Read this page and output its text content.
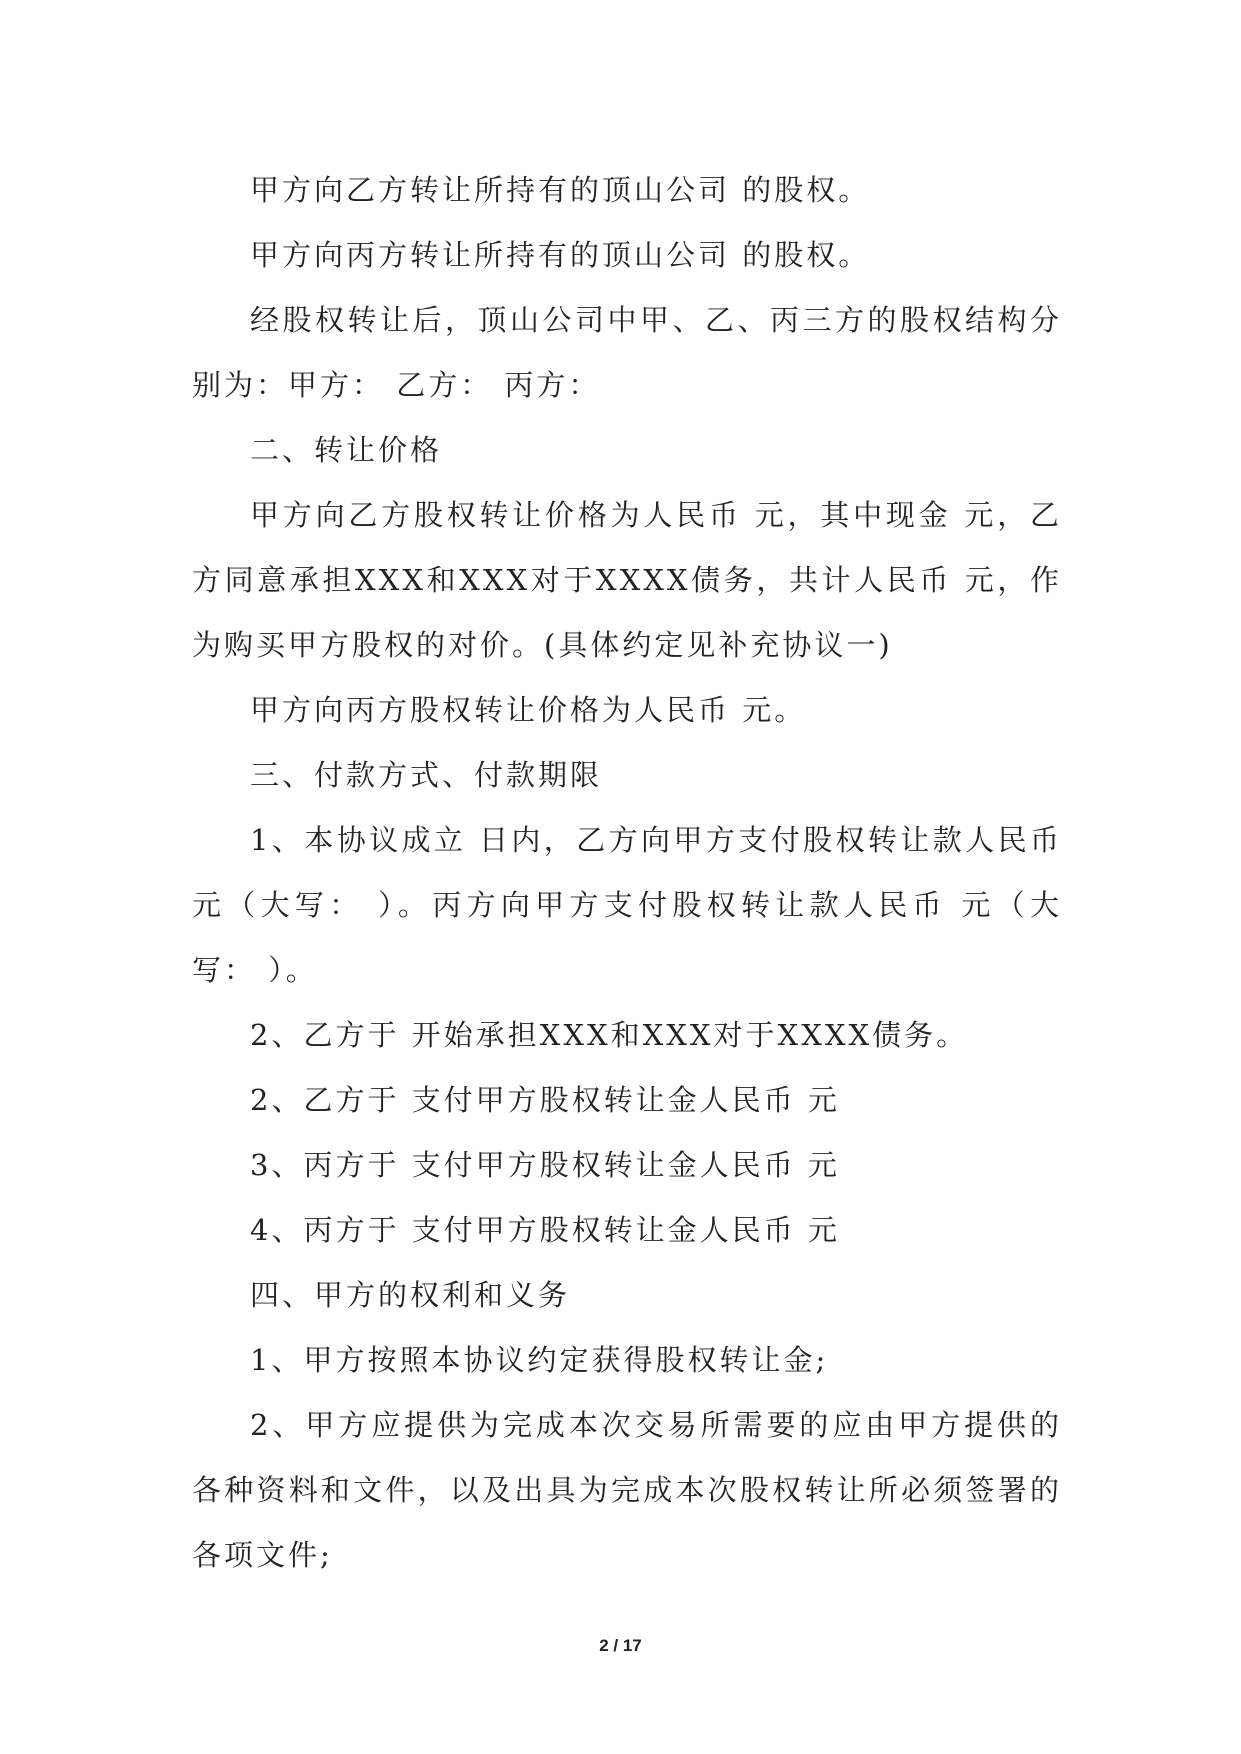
甲方向乙方转让所持有的顶山公司 的股权。

甲方向丙方转让所持有的顶山公司 的股权。

经股权转让后，顶山公司中甲、乙、丙三方的股权结构分别为：甲方： 乙方： 丙方：

二、转让价格

甲方向乙方股权转让价格为人民币 元，其中现金 元，乙方同意承担XXX和XXX对于XXXX债务，共计人民币 元，作为购买甲方股权的对价。(具体约定见补充协议一)

甲方向丙方股权转让价格为人民币 元。

三、付款方式、付款期限

1、本协议成立 日内，乙方向甲方支付股权转让款人民币 元（大写： ）。丙方向甲方支付股权转让款人民币 元（大写： ）。

2、乙方于 开始承担XXX和XXX对于XXXX债务。

2、乙方于 支付甲方股权转让金人民币 元

3、丙方于 支付甲方股权转让金人民币 元

4、丙方于 支付甲方股权转让金人民币 元

四、甲方的权利和义务

1、甲方按照本协议约定获得股权转让金;

2、甲方应提供为完成本次交易所需要的应由甲方提供的各种资料和文件，以及出具为完成本次股权转让所必须签署的各项文件;

2 / 17
